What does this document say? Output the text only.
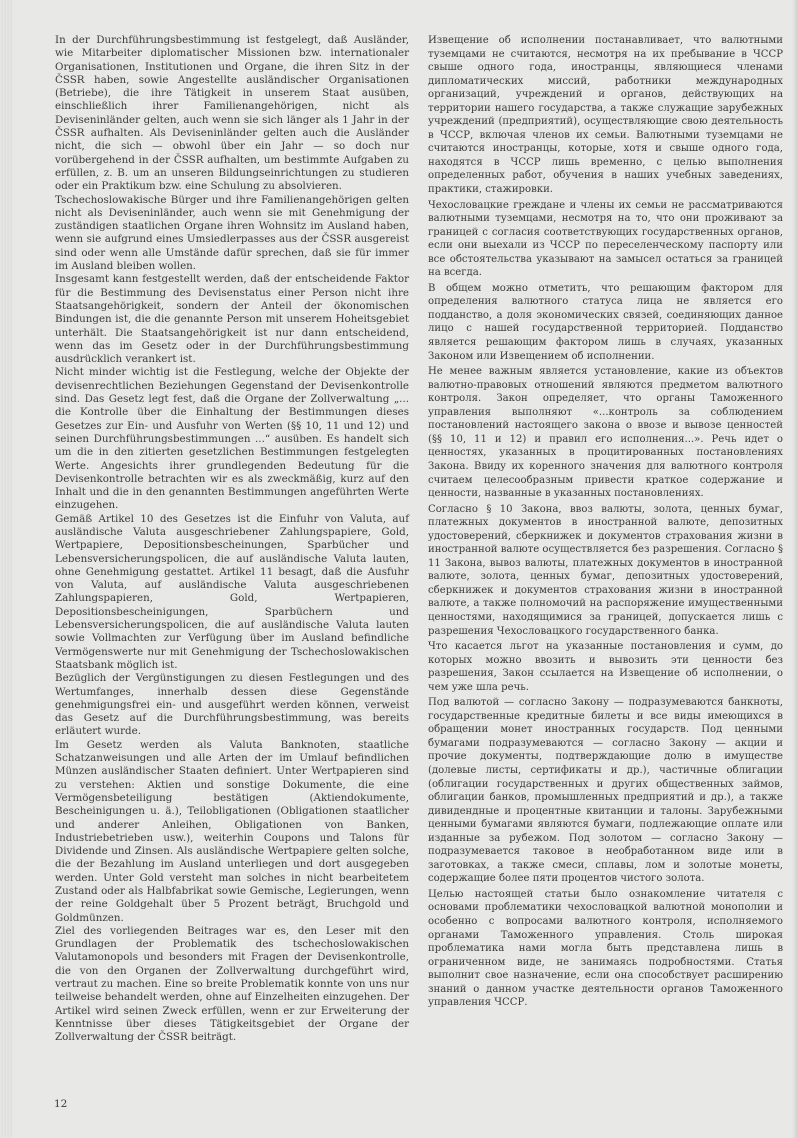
In der Durchführungsbestimmung ist festgelegt, daß Ausländer, wie Mitarbeiter diplomatischer Missionen bzw. internationaler Organisationen, Institutionen und Organe, die ihren Sitz in der ČSSR haben, sowie Angestellte ausländischer Organisationen (Betriebe), die ihre Tätigkeit in unserem Staat ausüben, einschließlich ihrer Familienangehörigen, nicht als Deviseninländer gelten, auch wenn sie sich länger als 1 Jahr in der ČSSR aufhalten. Als Deviseninländer gelten auch die Ausländer nicht, die sich — obwohl über ein Jahr — so doch nur vorübergehend in der ČSSR aufhalten, um bestimmte Aufgaben zu erfüllen, z. B. um an unseren Bildungseinrichtungen zu studieren oder ein Praktikum bzw. eine Schulung zu absolvieren.

Tschechoslowakische Bürger und ihre Familienangehörigen gelten nicht als Deviseninländer, auch wenn sie mit Genehmigung der zuständigen staatlichen Organe ihren Wohnsitz im Ausland haben, wenn sie aufgrund eines Umsiedlerpasses aus der ČSSR ausgereist sind oder wenn alle Umstände dafür sprechen, daß sie für immer im Ausland bleiben wollen.

Insgesamt kann festgestellt werden, daß der entscheidende Faktor für die Bestimmung des Devisenstatus einer Person nicht ihre Staatsangehörigkeit, sondern der Anteil der ökonomischen Bindungen ist, die die genannte Person mit unserem Hoheitsgebiet unterhält. Die Staatsangehörigkeit ist nur dann entscheidend, wenn das im Gesetz oder in der Durchführungsbestimmung ausdrücklich verankert ist.

Nicht minder wichtig ist die Festlegung, welche der Objekte der devisenrechtlichen Beziehungen Gegenstand der Devisenkontrolle sind. Das Gesetz legt fest, daß die Organe der Zollverwaltung „... die Kontrolle über die Einhaltung der Bestimmungen dieses Gesetzes zur Ein- und Ausfuhr von Werten (§§ 10, 11 und 12) und seinen Durchführungsbestimmungen ...“ ausüben. Es handelt sich um die in den zitierten gesetzlichen Bestimmungen festgelegten Werte. Angesichts ihrer grundlegenden Bedeutung für die Devisenkontrolle betrachten wir es als zweckmäßig, kurz auf den Inhalt und die in den genannten Bestimmungen angeführten Werte einzugehen.

Gemäß Artikel 10 des Gesetzes ist die Einfuhr von Valuta, auf ausländische Valuta ausgeschriebener Zahlungspapiere, Gold, Wertpapiere, Depositionsbescheinungen, Sparbücher und Lebensversicherungspolicen, die auf ausländische Valuta lauten, ohne Genehmigung gestattet. Artikel 11 besagt, daß die Ausfuhr von Valuta, auf ausländische Valuta ausgeschriebenen Zahlungspapieren, Gold, Wertpapieren, Depositionsbescheinigungen, Sparbüchern und Lebensversicherungspolicen, die auf ausländische Valuta lauten sowie Vollmachten zur Verfügung über im Ausland befindliche Vermögenswerte nur mit Genehmigung der Tschechoslowakischen Staatsbank möglich ist.

Bezüglich der Vergünstigungen zu diesen Festlegungen und des Wertumfanges, innerhalb dessen diese Gegenstände genehmigungsfrei ein- und ausgeführt werden können, verweist das Gesetz auf die Durchführungsbestimmung, was bereits erläutert wurde.

Im Gesetz werden als Valuta Banknoten, staatliche Schatzanweisungen und alle Arten der im Umlauf befindlichen Münzen ausländischer Staaten definiert. Unter Wertpapieren sind zu verstehen: Aktien und sonstige Dokumente, die eine Vermögensbeteiligung bestätigen (Aktiendokumente, Bescheinigungen u. ä.), Teilobligationen (Obligationen staatlicher und anderer Anleihen, Obligationen von Banken, Industriebetrieben usw.), weiterhin Coupons und Talons für Dividende und Zinsen. Als ausländische Wertpapiere gelten solche, die der Bezahlung im Ausland unterliegen und dort ausgegeben werden. Unter Gold versteht man solches in nicht bearbeitetem Zustand oder als Halbfabrikat sowie Gemische, Legierungen, wenn der reine Goldgehalt über 5 Prozent beträgt, Bruchgold und Goldmünzen.

Ziel des vorliegenden Beitrages war es, den Leser mit den Grundlagen der Problematik des tschechoslowakischen Valutamonopols und besonders mit Fragen der Devisenkontrolle, die von den Organen der Zollverwaltung durchgeführt wird, vertraut zu machen. Eine so breite Problematik konnte von uns nur teilweise behandelt werden, ohne auf Einzelheiten einzugehen. Der Artikel wird seinen Zweck erfüllen, wenn er zur Erweiterung der Kenntnisse über dieses Tätigkeitsgebiet der Organe der Zollverwaltung der ČSSR beiträgt.

Извещение об исполнении постанавливает, что валютными туземцами не считаются, несмотря на их пребывание в ЧССР свыше одного года, иностранцы, являющиеся членами дипломатических миссий, работники международных организаций, учреждений и органов, действующих на территории нашего государства, а также служащие зарубежных учреждений (предприятий), осуществляющие свою деятельность в ЧССР, включая членов их семьи. Валютными туземцами не считаются иностранцы, которые, хотя и свыше одного года, находятся в ЧССР лишь временно, с целью выполнения определенных работ, обучения в наших учебных заведениях, практики, стажировки.

Чехословацкие греждане и члены их семьи не рассматриваются валютными туземцами, несмотря на то, что они проживают за границей с согласия соответствующих государственных органов, если они выехали из ЧССР по переселенческому паспорту или все обстоятельства указывают на замысел остаться за границей на всегда.

В общем можно отметить, что решающим фактором для определения валютного статуса лица не является его подданство, а доля экономических связей, соединяющих данное лицо с нашей государственной территорией. Подданство является решающим фактором лишь в случаях, указанных Законом или Извещением об исполнении.

Не менее важным является установление, какие из объектов валютно-правовых отношений являются предметом валютного контроля. Закон определяет, что органы Таможенного управления выполняют «...контроль за соблюдением постановлений настоящего закона о ввозе и вывозе ценностей (§§ 10, 11 и 12) и правил его исполнения...». Речь идет о ценностях, указанных в процитированных постановлениях Закона. Ввиду их коренного значения для валютного контроля считаем целесообразным привести краткое содержание и ценности, названные в указанных постановлениях.

Согласно § 10 Закона, ввоз валюты, золота, ценных бумаг, платежных документов в иностранной валюте, депозитных удостоверений, сберкнижек и документов страхования жизни в иностранной валюте осуществляется без разрешения. Согласно § 11 Закона, вывоз валюты, платежных документов в иностранной валюте, золота, ценных бумаг, депозитных удостоверений, сберкнижек и документов страхования жизни в иностранной валюте, а также полномочий на распоряжение имущественными ценностями, находящимися за границей, допускается лишь с разрешения Чехословацкого государственного банка.

Что касается льгот на указанные постановления и сумм, до которых можно ввозить и вывозить эти ценности без разрешения, Закон ссылается на Извещение об исполнении, о чем уже шла речь.

Под валютой — согласно Закону — подразумеваются банкноты, государственные кредитные билеты и все виды имеющихся в обращении монет иностранных государств. Под ценными бумагами подразумеваются — согласно Закону — акции и прочие документы, подтверждающие долю в имуществе (долевые листы, сертификаты и др.), частичные облигации (облигации государственных и других общественных займов, облигации банков, промышленных предприятий и др.), а также дивидендные и процентные квитанции и талоны. Зарубежными ценными бумагами являются бумаги, подлежающие оплате или изданные за рубежом. Под золотом — согласно Закону — подразумевается таковое в необработанном виде или в заготовках, а также смеси, сплавы, лом и золотые монеты, содержащие более пяти процентов чистого золота.

Целью настоящей статьи было ознакомление читателя с основами проблематики чехословацкой валютной монополии и особенно с вопросами валютного контроля, исполняемого органами Таможенного управления. Столь широкая проблематика нами могла быть представлена лишь в ограниченном виде, не занимаясь подробностями. Статья выполнит свое назначение, если она способствует расширению знаний о данном участке деятельности органов Таможенного управления ЧССР.

12
